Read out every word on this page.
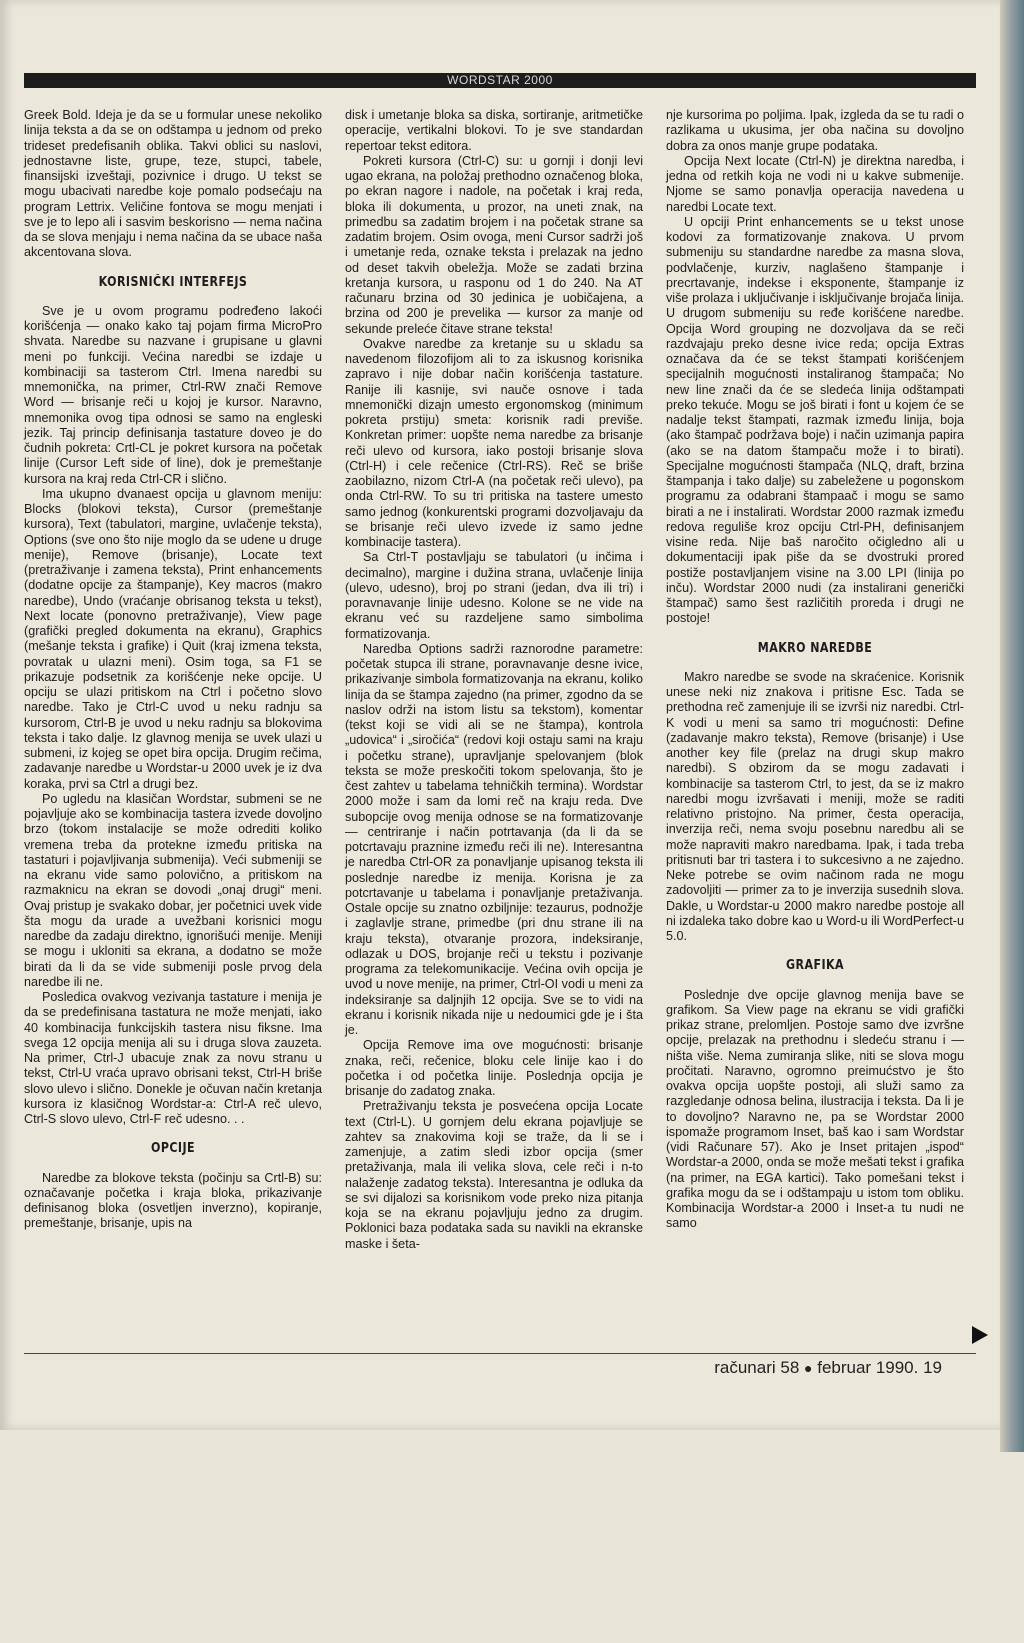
WORDSTAR 2000

Greek Bold. Ideja je da se u formular unese nekoliko linija teksta a da se on odštampa u jednom od preko trideset predefisanih oblika. Takvi oblici su naslovi, jednostavne liste, grupe, teze, stupci, tabele, finansijski izveštaji, pozivnice i drugo. U tekst se mogu ubacivati naredbe koje pomalo podsećaju na program Lettrix. Veličine fontova se mogu menjati i sve je to lepo ali i sasvim beskorisno — nema načina da se slova menjaju i nema načina da se ubace naša akcentovana slova.

KORISNIČKI INTERFEJS

Sve je u ovom programu podređeno lakoći korišćenja — onako kako taj pojam firma MicroPro shvata. Naredbe su nazvane i grupisane u glavni meni po funkciji. Većina naredbi se izdaje u kombinaciji sa tasterom Ctrl. Imena naredbi su mnemonička, na primer, Ctrl-RW znači Remove Word — brisanje reči u kojoj je kursor. Naravno, mnemonika ovog tipa odnosi se samo na engleski jezik. Taj princip definisanja tastature doveo je do čudnih pokreta: Crtl-CL je pokret kursora na početak linije (Cursor Left side of line), dok je premeštanje kursora na kraj reda Ctrl-CR i slično.

Ima ukupno dvanaest opcija u glavnom meniju: Blocks (blokovi teksta), Cursor (premeštanje kursora), Text (tabulatori, margine, uvlačenje teksta), Options (sve ono što nije moglo da se udene u druge menije), Remove (brisanje), Locate text (pretraživanje i zamena teksta), Print enhancements (dodatne opcije za štampanje), Key macros (makro naredbe), Undo (vraćanje obrisanog teksta u tekst), Next locate (ponovno pretraživanje), View page (grafički pregled dokumenta na ekranu), Graphics (mešanje teksta i grafike) i Quit (kraj izmena teksta, povratak u ulazni meni). Osim toga, sa F1 se prikazuje podsetnik za korišćenje neke opcije. U opciju se ulazi pritiskom na Ctrl i početno slovo naredbe. Tako je Ctrl-C uvod u neku radnju sa kursorom, Ctrl-B je uvod u neku radnju sa blokovima teksta i tako dalje. Iz glavnog menija se uvek ulazi u submeni, iz kojeg se opet bira opcija. Drugim rečima, zadavanje naredbe u Wordstar-u 2000 uvek je iz dva koraka, prvi sa Ctrl a drugi bez.

Po ugledu na klasičan Wordstar, submeni se ne pojavljuje ako se kombinacija tastera izvede dovoljno brzo (tokom instalacije se može odrediti koliko vremena treba da protekne između pritiska na tastaturi i pojavljivanja submenija). Veći submeniji se na ekranu vide samo polovično, a pritiskom na razmaknicu na ekran se dovodi „onaj drugi“ meni. Ovaj pristup je svakako dobar, jer početnici uvek vide šta mogu da urade a uvežbani korisnici mogu naredbe da zadaju direktno, ignorišući menije. Meniji se mogu i ukloniti sa ekrana, a dodatno se može birati da li da se vide submeniji posle prvog dela naredbe ili ne.

Posledica ovakvog vezivanja tastature i menija je da se predefinisana tastatura ne može menjati, iako 40 kombinacija funkcijskih tastera nisu fiksne. Ima svega 12 opcija menija ali su i druga slova zauzeta. Na primer, Ctrl-J ubacuje znak za novu stranu u tekst, Ctrl-U vraća upravo obrisani tekst, Ctrl-H briše slovo ulevo i slično. Donekle je očuvan način kretanja kursora iz klasičnog Wordstar-a: Ctrl-A reč ulevo, Ctrl-S slovo ulevo, Ctrl-F reč udesno. . .

OPCIJE

Naredbe za blokove teksta (počinju sa Crtl-B) su: označavanje početka i kraja bloka, prikazivanje definisanog bloka (osvetljen inverzno), kopiranje, premeštanje, brisanje, upis na

disk i umetanje bloka sa diska, sortiranje, aritmetičke operacije, vertikalni blokovi. To je sve standardan repertoar tekst editora.

Pokreti kursora (Ctrl-C) su: u gornji i donji levi ugao ekrana, na položaj prethodno označenog bloka, po ekran nagore i nadole, na početak i kraj reda, bloka ili dokumenta, u prozor, na uneti znak, na primedbu sa zadatim brojem i na početak strane sa zadatim brojem. Osim ovoga, meni Cursor sadrži još i umetanje reda, oznake teksta i prelazak na jedno od deset takvih obeležja. Može se zadati brzina kretanja kursora, u rasponu od 1 do 240. Na AT računaru brzina od 30 jedinica je uobičajena, a brzina od 200 je prevelika — kursor za manje od sekunde preleće čitave strane teksta!

Ovakve naredbe za kretanje su u skladu sa navedenom filozofijom ali to za iskusnog korisnika zapravo i nije dobar način korišćenja tastature. Ranije ili kasnije, svi nauče osnove i tada mnemonički dizajn umesto ergonomskog (minimum pokreta prstiju) smeta: korisnik radi previše. Konkretan primer: uopšte nema naredbe za brisanje reči ulevo od kursora, iako postoji brisanje slova (Ctrl-H) i cele rečenice (Ctrl-RS). Reč se briše zaobilazno, nizom Ctrl-A (na početak reči ulevo), pa onda Ctrl-RW. To su tri pritiska na tastere umesto samo jednog (konkurentski programi dozvoljavaju da se brisanje reči ulevo izvede iz samo jedne kombinacije tastera).

Sa Ctrl-T postavljaju se tabulatori (u inčima i decimalno), margine i dužina strana, uvlačenje linija (ulevo, udesno), broj po strani (jedan, dva ili tri) i poravnavanje linije udesno. Kolone se ne vide na ekranu već su razdeljene samo simbolima formatizovanja.

Naredba Options sadrži raznorodne parametre: početak stupca ili strane, poravnavanje desne ivice, prikazivanje simbola formatizovanja na ekranu, koliko linija da se štampa zajedno (na primer, zgodno da se naslov održi na istom listu sa tekstom), komentar (tekst koji se vidi ali se ne štampa), kontrola „udovica“ i „siročića“ (redovi koji ostaju sami na kraju i početku strane), upravljanje spelovanjem (blok teksta se može preskočiti tokom spelovanja, što je čest zahtev u tabelama tehničkih termina). Wordstar 2000 može i sam da lomi reč na kraju reda. Dve subopcije ovog menija odnose se na formatizovanje — centriranje i način potrtavanja (da li da se potcrtavaju praznine između reči ili ne). Interesantna je naredba Ctrl-OR za ponavljanje upisanog teksta ili poslednje naredbe iz menija. Korisna je za potcrtavanje u tabelama i ponavljanje pretaživanja. Ostale opcije su znatno ozbiljnije: tezaurus, podnožje i zaglavlje strane, primedbe (pri dnu strane ili na kraju teksta), otvaranje prozora, indeksiranje, odlazak u DOS, brojanje reči u tekstu i pozivanje programa za telekomunikacije. Većina ovih opcija je uvod u nove menije, na primer, Ctrl-OI vodi u meni za indeksiranje sa daljnjih 12 opcija. Sve se to vidi na ekranu i korisnik nikada nije u nedoumici gde je i šta je.

Opcija Remove ima ove mogućnosti: brisanje znaka, reči, rečenice, bloku cele linije kao i do početka i od početka linije. Poslednja opcija je brisanje do zadatog znaka.

Pretraživanju teksta je posvećena opcija Locate text (Ctrl-L). U gornjem delu ekrana pojavljuje se zahtev sa znakovima koji se traže, da li se i zamenjuje, a zatim sledi izbor opcija (smer pretaživanja, mala ili velika slova, cele reči i n-to nalaženje zadatog teksta). Interesantna je odluka da se svi dijalozi sa korisnikom vode preko niza pitanja koja se na ekranu pojavljuju jedno za drugim. Poklonici baza podataka sada su navikli na ekranske maske i šeta-

nje kursorima po poljima. Ipak, izgleda da se tu radi o razlikama u ukusima, jer oba načina su dovoljno dobra za onos manje grupe podataka.

Opcija Next locate (Ctrl-N) je direktna naredba, i jedna od retkih koja ne vodi ni u kakve submenije. Njome se samo ponavlja operacija navedena u naredbi Locate text.

U opciji Print enhancements se u tekst unose kodovi za formatizovanje znakova. U prvom submeniju su standardne naredbe za masna slova, podvlačenje, kurziv, naglašeno štampanje i precrtavanje, indekse i eksponente, štampanje iz više prolaza i uključivanje i isključivanje brojača linija. U drugom submeniju su ređe korišćene naredbe. Opcija Word grouping ne dozvoljava da se reči razdvajaju preko desne ivice reda; opcija Extras označava da će se tekst štampati korišćenjem specijalnih mogućnosti instaliranog štampača; No new line znači da će se sledeća linija odštampati preko tekuće. Mogu se još birati i font u kojem će se nadalje tekst štampati, razmak između linija, boja (ako štampač podržava boje) i način uzimanja papira (ako se na datom štampaču može i to birati). Specijalne mogućnosti štampača (NLQ, draft, brzina štampanja i tako dalje) su zabeležene u pogonskom programu za odabrani štampaač i mogu se samo birati a ne i instalirati. Wordstar 2000 razmak između redova reguliše kroz opciju Ctrl-PH, definisanjem visine reda. Nije baš naročito očigledno ali u dokumentaciji ipak piše da se dvostruki prored postiže postavljanjem visine na 3.00 LPI (linija po inču). Wordstar 2000 nudi (za instalirani generički štampač) samo šest različitih proreda i drugi ne postoje!

MAKRO NAREDBE

Makro naredbe se svode na skraćenice. Korisnik unese neki niz znakova i pritisne Esc. Tada se prethodna reč zamenjuje ili se izvrši niz naredbi. Ctrl- K vodi u meni sa samo tri mogućnosti: Define (zadavanje makro teksta), Remove (brisanje) i Use another key file (prelaz na drugi skup makro naredbi). S obzirom da se mogu zadavati i kombinacije sa tasterom Ctrl, to jest, da se iz makro naredbi mogu izvršavati i meniji, može se raditi relativno pristojno. Na primer, česta operacija, inverzija reči, nema svoju posebnu naredbu ali se može napraviti makro naredbama. Ipak, i tada treba pritisnuti bar tri tastera i to sukcesivno a ne zajedno. Neke potrebe se ovim načinom rada ne mogu zadovoljiti — primer za to je inverzija susednih slova. Dakle, u Wordstar-u 2000 makro naredbe postoje all ni izdaleka tako dobre kao u Word-u ili WordPerfect-u 5.0.

GRAFIKA

Poslednje dve opcije glavnog menija bave se grafikom. Sa View page na ekranu se vidi grafički prikaz strane, prelomljen. Postoje samo dve izvršne opcije, prelazak na prethodnu i sledeću stranu i — ništa više. Nema zumiranja slike, niti se slova mogu pročitati. Naravno, ogromno preimućstvo je što ovakva opcija uopšte postoji, ali služi samo za razgledanje odnosa belina, ilustracija i teksta. Da li je to dovoljno? Naravno ne, pa se Wordstar 2000 ispomaže programom Inset, baš kao i sam Wordstar (vidi Računare 57). Ako je Inset pritajen „ispod“ Wordstar-a 2000, onda se može mešati tekst i grafika (na primer, na EGA kartici). Tako pomešani tekst i grafika mogu da se i odštampaju u istom tom obliku. Kombinacija Wordstar-a 2000 i Inset-a tu nudi ne samo

računari 58 ● februar 1990. 19
